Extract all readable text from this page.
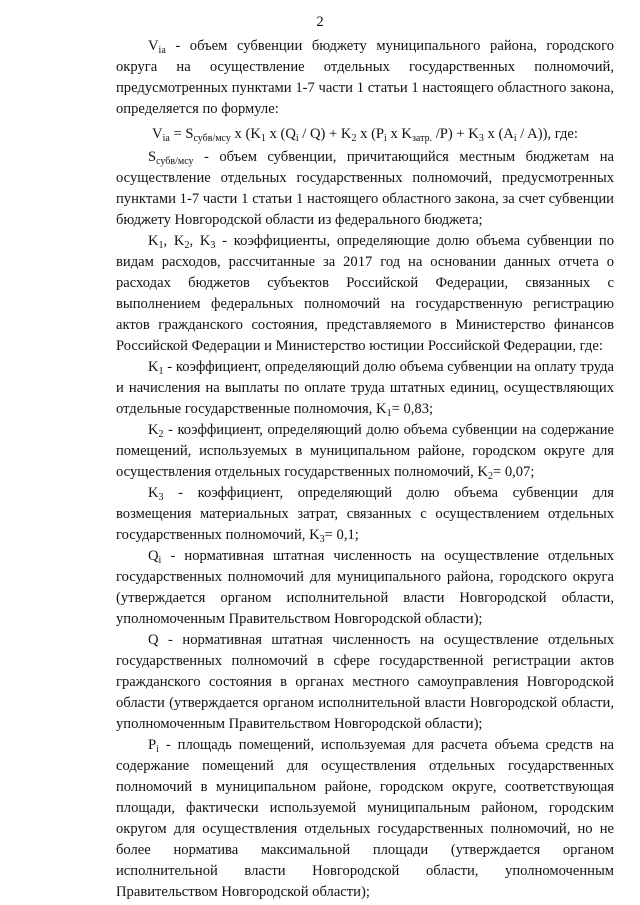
2

$V_{ia}$ - объем субвенции бюджету муниципального района, городского округа на осуществление отдельных государственных полномочий, предусмотренных пунктами 1-7 части 1 статьи 1 настоящего областного закона, определяется по формуле:

$V_{ia} = S_{субв/мсу}$ x ($K_1$ x $(Q_i / Q) + K_2$ x ($P_i$ x $K_{затр.}$ $/P) + K_3$ x $(A_i / A)$), где:

$S_{субв/мсу}$ - объем субвенции, причитающийся местным бюджетам на осуществление отдельных государственных полномочий, предусмотренных пунктами 1-7 части 1 статьи 1 настоящего областного закона, за счет субвенции бюджету Новгородской области из федерального бюджета;

$K_1$, $K_2$, $K_3$ - коэффициенты, определяющие долю объема субвенции по видам расходов, рассчитанные за 2017 год на основании данных отчета о расходах бюджетов субъектов Российской Федерации, связанных с выполнением федеральных полномочий на государственную регистрацию актов гражданского состояния, представляемого в Министерство финансов Российской Федерации и Министерство юстиции Российской Федерации, где:

$K_1$ - коэффициент, определяющий долю объема субвенции на оплату труда и начисления на выплаты по оплате труда штатных единиц, осуществляющих отдельные государственные полномочия, $K_1= 0,83$;

$K_2$ - коэффициент, определяющий долю объема субвенции на содержание помещений, используемых в муниципальном районе, городском округе для осуществления отдельных государственных полномочий, $K_2= 0,07$;

$K_3$ - коэффициент, определяющий долю объема субвенции для возмещения материальных затрат, связанных с осуществлением отдельных государственных полномочий, $K_3= 0,1$;

$Q_i$ - нормативная штатная численность на осуществление отдельных государственных полномочий для муниципального района, городского округа (утверждается органом исполнительной власти Новгородской области, уполномоченным Правительством Новгородской области);

Q - нормативная штатная численность на осуществление отдельных государственных полномочий в сфере государственной регистрации актов гражданского состояния в органах местного самоуправления Новгородской области (утверждается органом исполнительной власти Новгородской области, уполномоченным Правительством Новгородской области);

$P_i$ - площадь помещений, используемая для расчета объема средств на содержание помещений для осуществления отдельных государственных полномочий в муниципальном районе, городском округе, соответствующая площади, фактически используемой муниципальным районом, городским округом для осуществления отдельных государственных полномочий, но не более норматива максимальной площади (утверждается органом исполнительной власти Новгородской области, уполномоченным Правительством Новгородской области);
